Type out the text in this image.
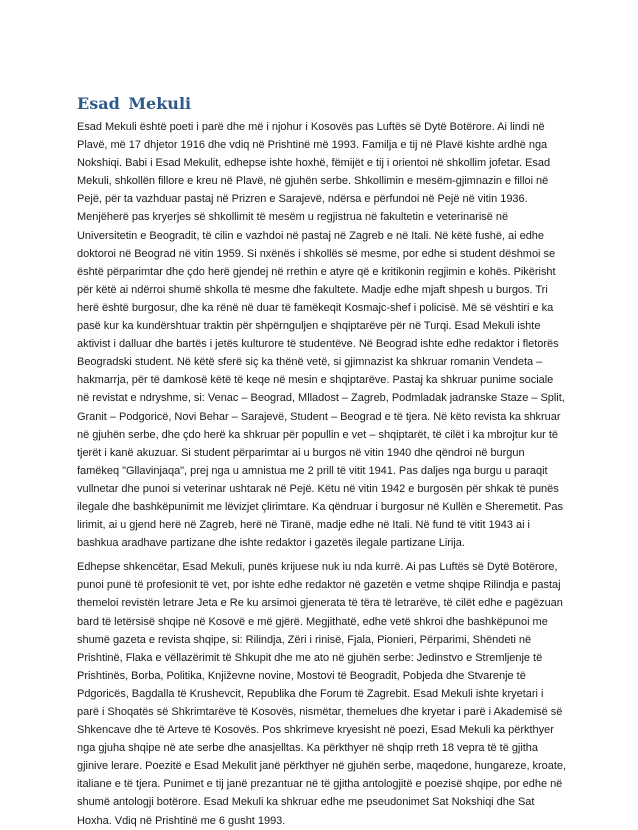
Esad Mekuli

Esad Mekuli është poeti i parë dhe më i njohur i Kosovës pas Luftës së Dytë Botërore. Ai lindi në Plavë, më 17 dhjetor 1916 dhe vdiq në Prishtinë më 1993. Familja e tij në Plavë kishte ardhë nga Nokshiqi. Babi i Esad Mekulit, edhepse ishte hoxhë, fëmijët e tij i orientoi në shkollim jofetar. Esad Mekuli, shkollën fillore e kreu në Plavë, në gjuhën serbe. Shkollimin e mesëm-gjimnazin e filloi në Pejë, për ta vazhduar pastaj në Prizren e Sarajevë, ndërsa e përfundoi në Pejë në vitin 1936. Menjëherë pas kryerjes së shkollimit të mesëm u regjistrua në fakultetin e veterinarisë në Universitetin e Beogradit, të cilin e vazhdoi në pastaj në Zagreb e në Itali. Në këtë fushë, ai edhe doktoroi në Beograd në vitin 1959. Si nxënës i shkollës së mesme, por edhe si student dëshmoi se është përparimtar dhe çdo herë gjendej në rrethin e atyre që e kritikonin regjimin e kohës. Pikërisht për këtë ai ndërroi shumë shkolla të mesme dhe fakultete. Madje edhe mjaft shpesh u burgos. Tri herë është burgosur, dhe ka rënë në duar të famëkeqit Kosmajc-shef i policisë. Më së vështiri e ka pasë kur ka kundërshtuar traktin për shpërnguljen e shqiptarëve për në Turqi. Esad Mekuli ishte aktivist i dalluar dhe bartës i jetës kulturore të studentëve. Në Beograd ishte edhe redaktor i fletorës Beogradski student. Në këtë sferë siç ka thënë vetë, si gjimnazist ka shkruar romanin Vendeta – hakmarrja, për të damkosë këtë të keqe në mesin e shqiptarëve. Pastaj ka shkruar punime sociale në revistat e ndryshme, si: Venac – Beograd, Mlladost – Zagreb, Podmladak jadranske Staze – Split, Granit – Podgoricë, Novi Behar – Sarajevë, Student – Beograd e të tjera. Në këto revista ka shkruar në gjuhën serbe, dhe çdo herë ka shkruar për popullin e vet – shqiptarët, të cilët i ka mbrojtur kur të tjerët i kanë akuzuar. Si student përparimtar ai u burgos në vitin 1940 dhe qëndroi në burgun famëkeq "Gllavinjaqa", prej nga u amnistua me 2 prill të vitit 1941. Pas daljes nga burgu u paraqit vullnetar dhe punoi si veterinar ushtarak në Pejë. Këtu në vitin 1942 e burgosën për shkak të punës ilegale dhe bashkëpunimit me lëvizjet çlirimtare. Ka qëndruar i burgosur në Kullën e Sheremetit. Pas lirimit, ai u gjend herë në Zagreb, herë në Tiranë, madje edhe në Itali. Në fund të vitit 1943 ai i bashkua aradhave partizane dhe ishte redaktor i gazetës ilegale partizane Lirija.

Edhepse shkencëtar, Esad Mekuli, punës krijuese nuk iu nda kurrë. Ai pas Luftës së Dytë Botërore, punoi punë të profesionit të vet, por ishte edhe redaktor në gazetën e vetme shqipe Rilindja e pastaj themeloi revistën letrare Jeta e Re ku arsimoi gjenerata të tëra të letrarëve, të cilët edhe e pagëzuan bard të letërsisë shqipe në Kosovë e më gjërë. Megjithatë, edhe vetë shkroi dhe bashkëpunoi me shumë gazeta e revista shqipe, si: Rilindja, Zëri i rinisë, Fjala, Pionieri, Përparimi, Shëndeti në Prishtinë, Flaka e vëllazërimit të Shkupit dhe me ato në gjuhën serbe: Jedinstvo e Stremljenje të Prishtinës, Borba, Politika, Književne novine, Mostovi të Beogradit, Pobjeda dhe Stvarenje të Pdgoricës, Bagdalla të Krushevcit, Republika dhe Forum të Zagrebit. Esad Mekuli ishte kryetari i parë i Shoqatës së Shkrimtarëve të Kosovës, nismëtar, themelues dhe kryetar i parë i Akademisë së Shkencave dhe të Arteve të Kosovës. Pos shkrimeve kryesisht në poezi, Esad Mekuli ka përkthyer nga gjuha shqipe në ate serbe dhe anasjelltas. Ka përkthyer në shqip rreth 18 vepra të të gjitha gjinive lerare. Poezitë e Esad Mekulit janë përkthyer në gjuhën serbe, maqedone, hungareze, kroate, italiane e të tjera. Punimet e tij janë prezantuar në të gjitha antologjitë e poezisë shqipe, por edhe në shumë antologji botërore. Esad Mekuli ka shkruar edhe me pseudonimet Sat Nokshiqi dhe Sat Hoxha. Vdiq në Prishtinë me 6 gusht 1993.
